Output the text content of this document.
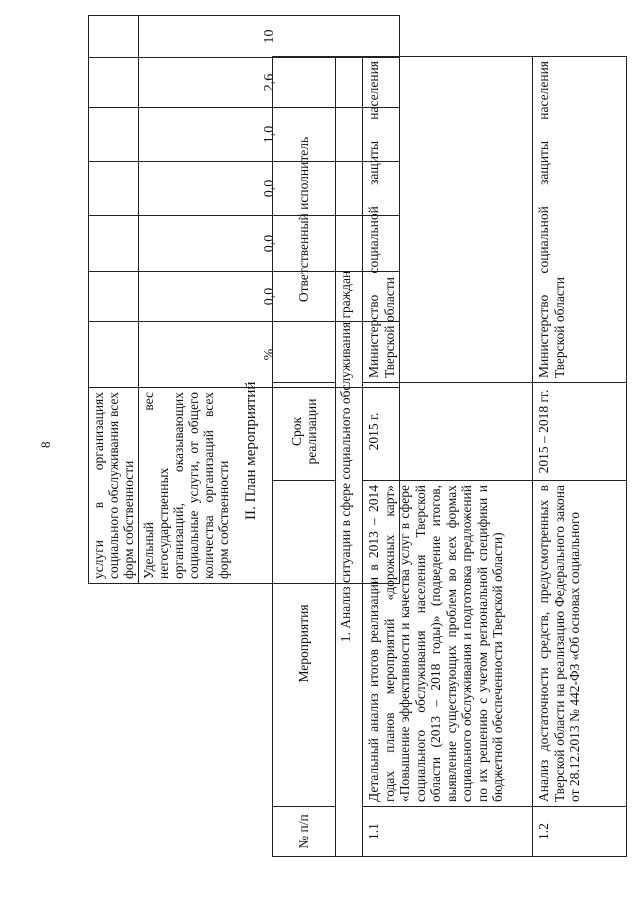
8	услуги в организациях социального обслуживания всех форм собственности							
Удельный вес негосударственных организаций, оказывающих социальные услуги, от общего количества организаций всех форм собственности	%	0,0	0,0	0,0	1,0	2,6	10
II. План мероприятий
№ п/п	Мероприятия	Срок реализации	Ответственный исполнитель
1. Анализ ситуации в сфере социального обслуживания граждан			
1.1	Детальный анализ итогов реализации в 2013 – 2014 годах планов мероприятий «дорожных карт» «Повышение эффективности и качества услуг в сфере социального обслуживания населения Тверской области (2013 – 2018 годы)» (подведение итогов, выявление существующих проблем во всех формах социального обслуживания и подготовка предложений по их решению с учетом региональной специфики и бюджетной обеспеченности Тверской области)	2015 г.	Министерство социальной защиты населения Тверской области
1.2	Анализ достаточности средств, предусмотренных в Тверской области на реализацию Федерального закона от 28.12.2013 № 442-ФЗ «Об основах социального	2015 – 2018 гг.	Министерство социальной защиты населения Тверской области
